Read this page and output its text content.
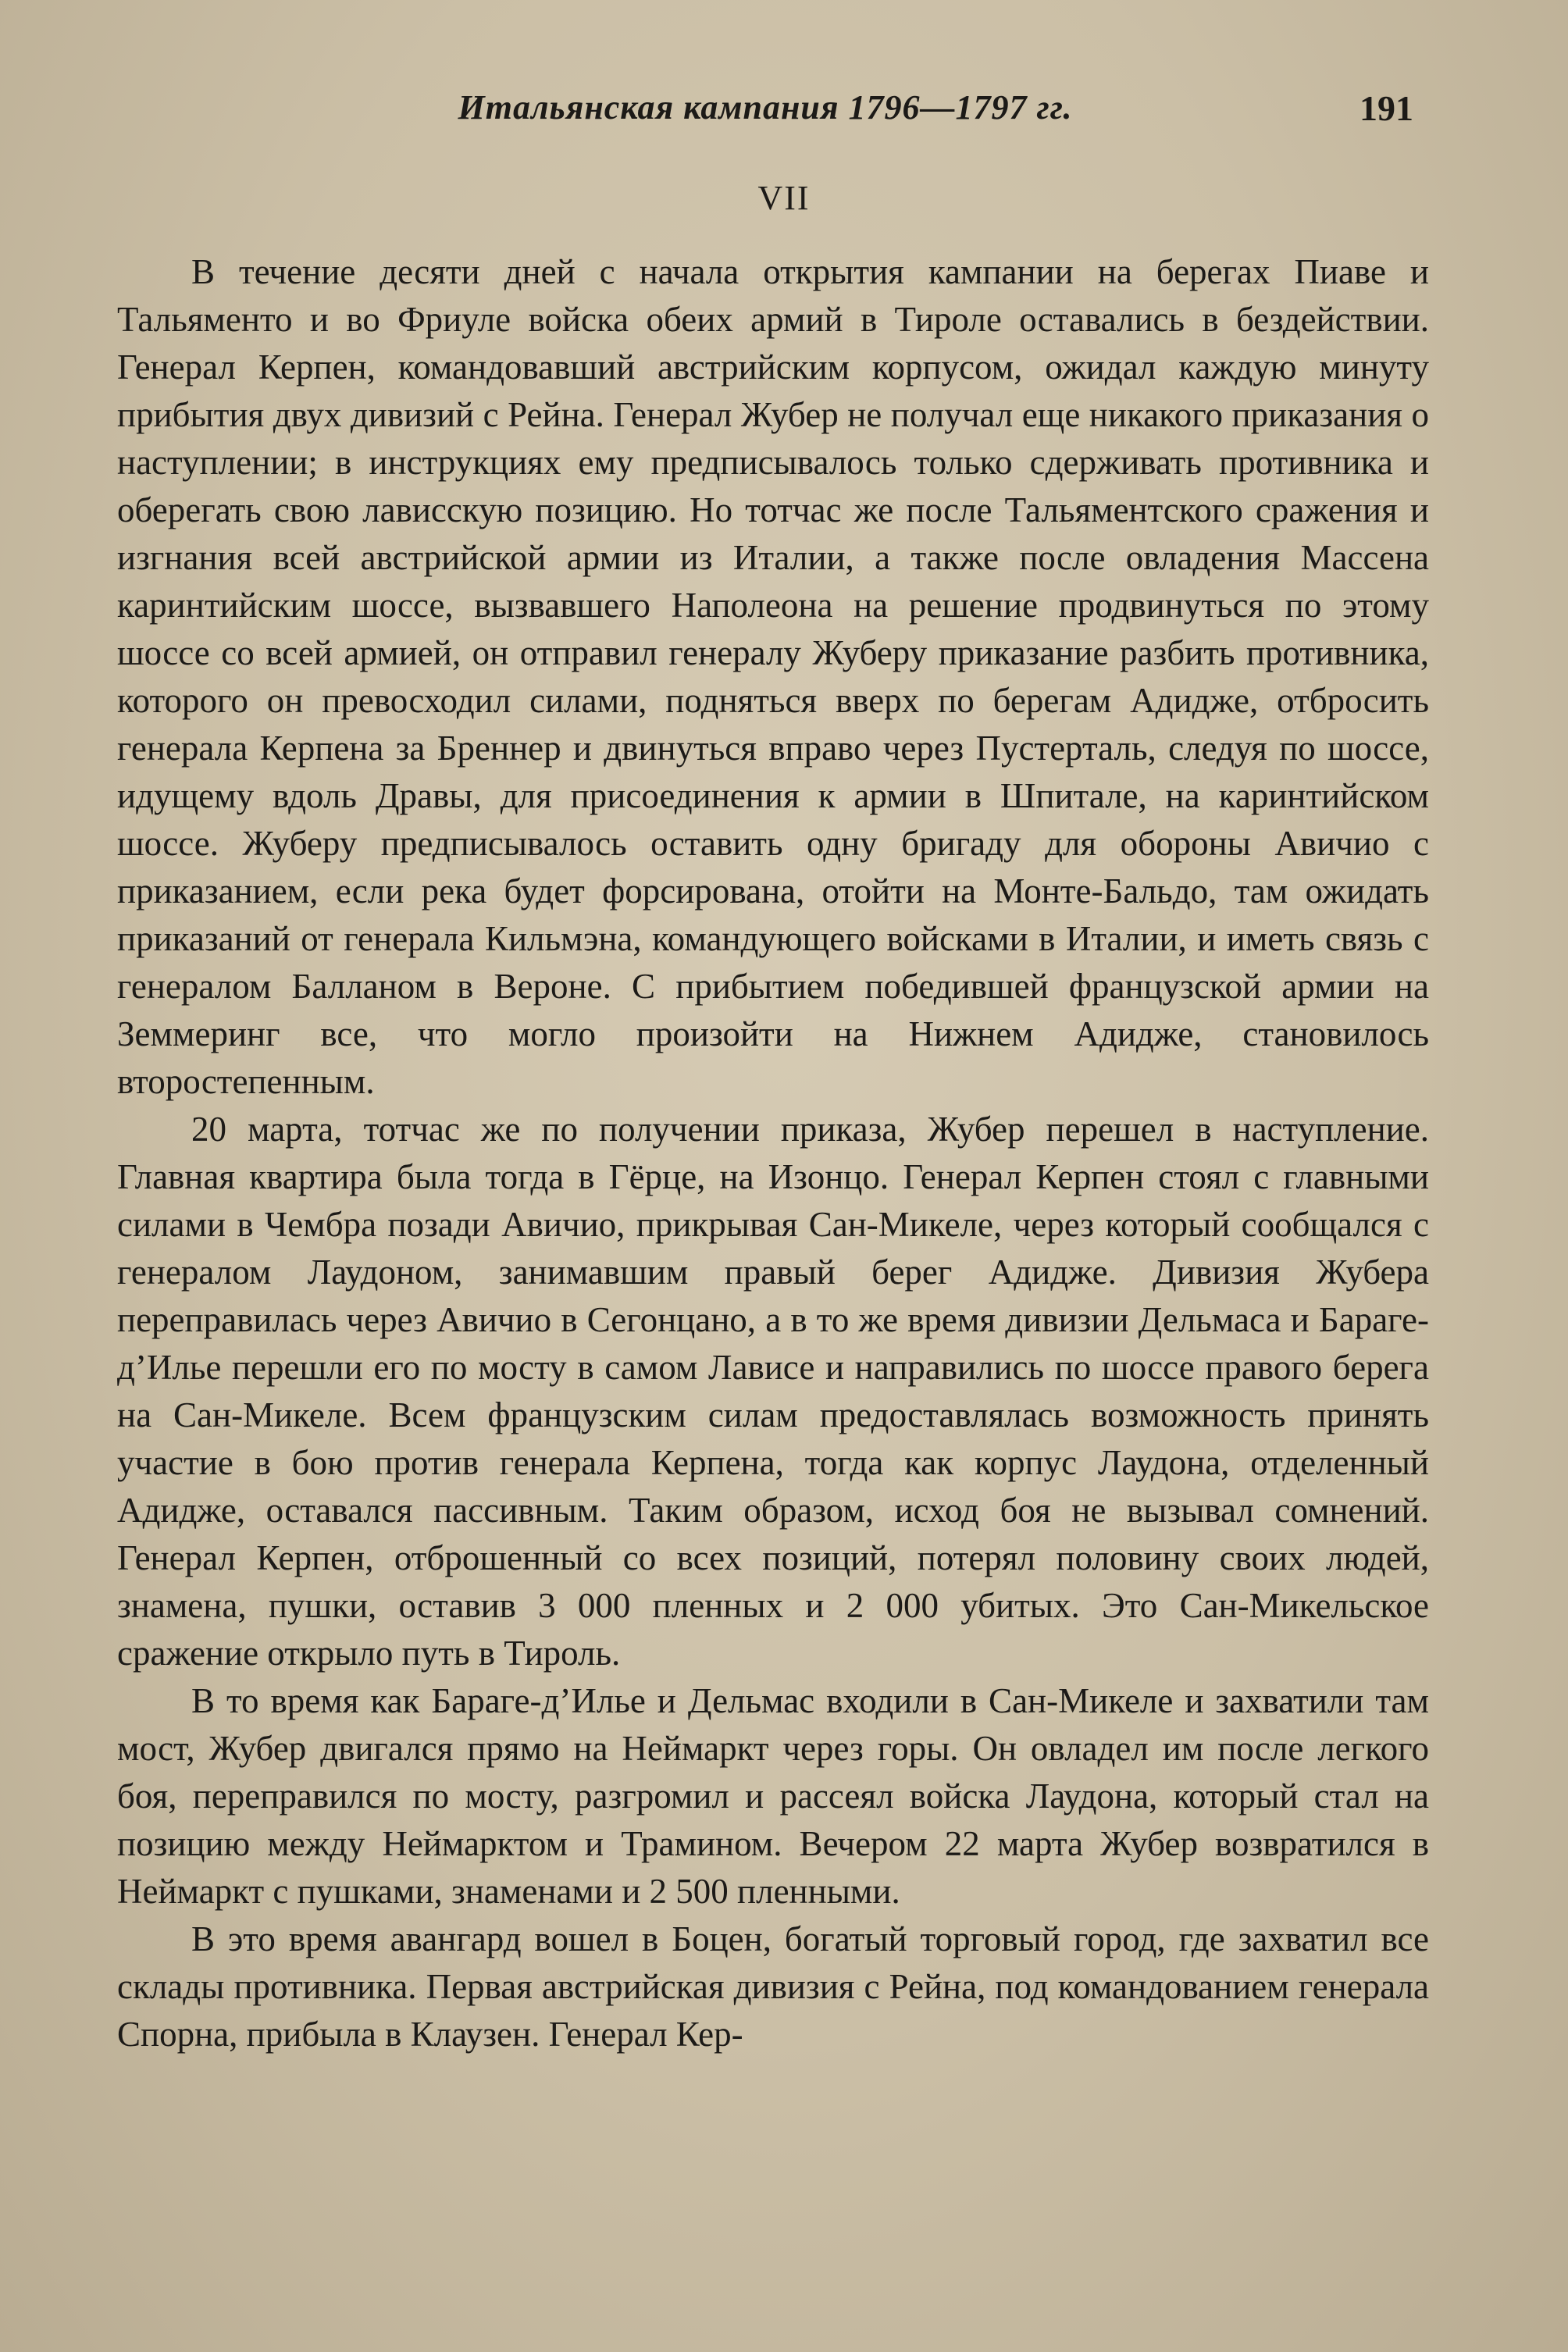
Итальянская кампания 1796—1797 гг.	191
VII

В течение десяти дней с начала открытия кампании на берегах Пиаве и Тальяменто и во Фриуле войска обеих армий в Тироле оставались в бездействии. Генерал Керпен, командовавший австрийским корпусом, ожидал каждую минуту прибытия двух дивизий с Рейна. Генерал Жубер не получал еще никакого приказания о наступлении; в инструкциях ему предписывалось только сдерживать противника и оберегать свою лависскую позицию. Но тотчас же после Тальяментского сражения и изгнания всей австрийской армии из Италии, а также после овладения Массена каринтийским шоссе, вызвавшего Наполеона на решение продвинуться по этому шоссе со всей армией, он отправил генералу Жуберу приказание разбить противника, которого он превосходил силами, подняться вверх по берегам Адидже, отбросить генерала Керпена за Бреннер и двинуться вправо через Пустерталь, следуя по шоссе, идущему вдоль Дравы, для присоединения к армии в Шпитале, на каринтийском шоссе. Жуберу предписывалось оставить одну бригаду для обороны Авичио с приказанием, если река будет форсирована, отойти на Монте-Бальдо, там ожидать приказаний от генерала Кильмэна, командующего войсками в Италии, и иметь связь с генералом Балланом в Вероне. С прибытием победившей французской армии на Земмеринг все, что могло произойти на Нижнем Адидже, становилось второстепенным.

20 марта, тотчас же по получении приказа, Жубер перешел в наступление. Главная квартира была тогда в Гёрце, на Изонцо. Генерал Керпен стоял с главными силами в Чембра позади Авичио, прикрывая Сан-Микеле, через который сообщался с генералом Лаудоном, занимавшим правый берег Адидже. Дивизия Жубера переправилась через Авичио в Сегонцано, а в то же время дивизии Дельмаса и Бараге-д’Илье перешли его по мосту в самом Лависе и направились по шоссе правого берега на Сан-Микеле. Всем французским силам предоставлялась возможность принять участие в бою против генерала Керпена, тогда как корпус Лаудона, отделенный Адидже, оставался пассивным. Таким образом, исход боя не вызывал сомнений. Генерал Керпен, отброшенный со всех позиций, потерял половину своих людей, знамена, пушки, оставив 3 000 пленных и 2 000 убитых. Это Сан-Микельское сражение открыло путь в Тироль.

В то время как Бараге-д’Илье и Дельмас входили в Сан-Микеле и захватили там мост, Жубер двигался прямо на Неймаркт через горы. Он овладел им после легкого боя, переправился по мосту, разгромил и рассеял войска Лаудона, который стал на позицию между Неймарктом и Трамином. Вечером 22 марта Жубер возвратился в Неймаркт с пушками, знаменами и 2 500 пленными.

В это время авангард вошел в Боцен, богатый торговый город, где захватил все склады противника. Первая австрийская дивизия с Рейна, под командованием генерала Спорна, прибыла в Клаузен. Генерал Кер-
